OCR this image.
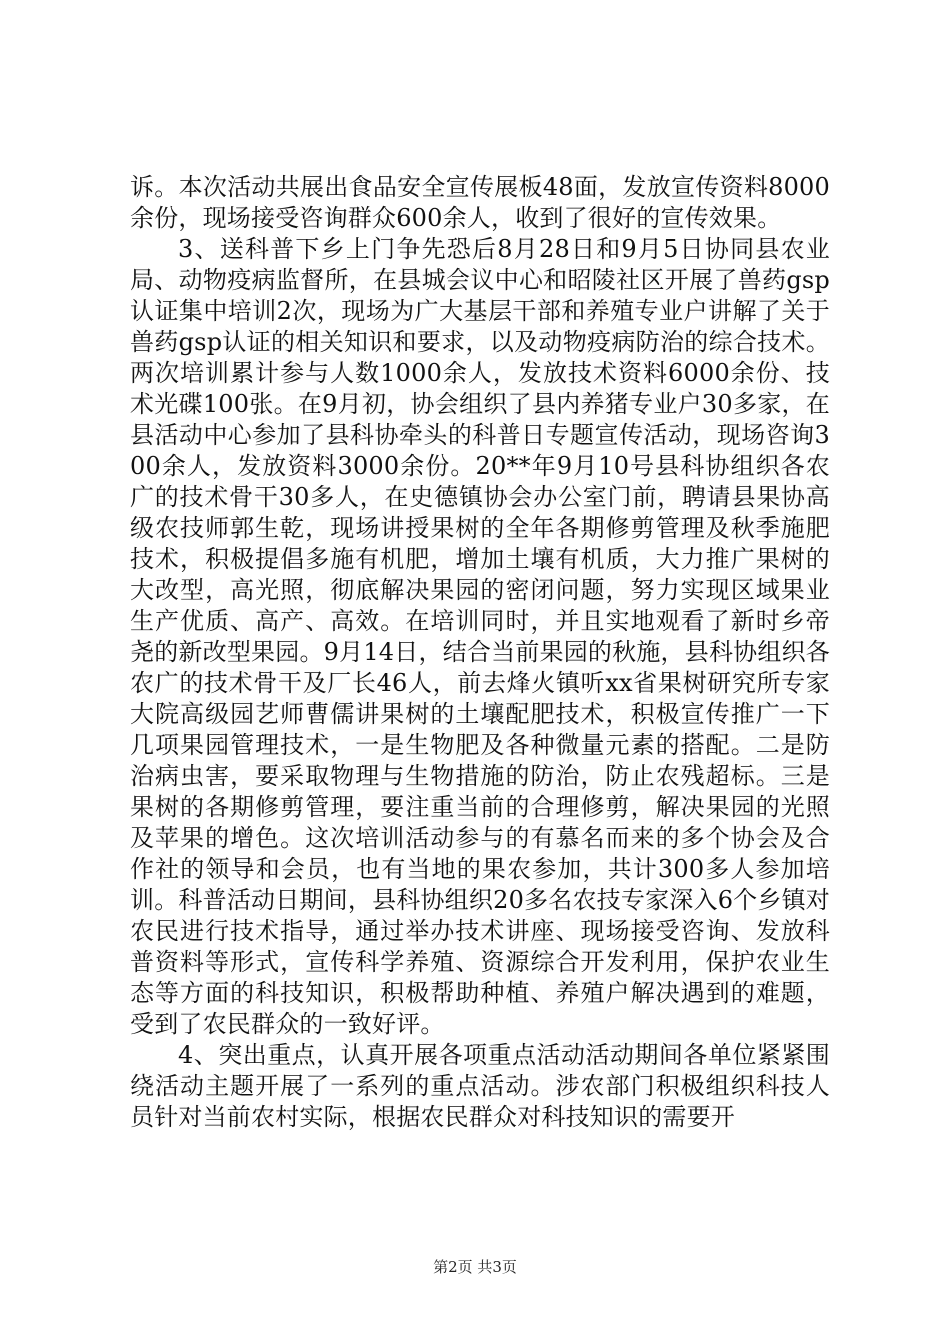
诉。本次活动共展出食品安全宣传展板48面，发放宣传资料8000余份，现场接受咨询群众600余人，收到了很好的宣传效果。

3、送科普下乡上门争先恐后8月28日和9月5日协同县农业局、动物疫病监督所，在县城会议中心和昭陵社区开展了兽药gsp认证集中培训2次，现场为广大基层干部和养殖专业户讲解了关于兽药gsp认证的相关知识和要求，以及动物疫病防治的综合技术。两次培训累计参与人数1000余人，发放技术资料6000余份、技术光碟100张。在9月初，协会组织了县内养猪专业户30多家，在县活动中心参加了县科协牵头的科普日专题宣传活动，现场咨询300余人，发放资料3000余份。20**年9月10号县科协组织各农广的技术骨干30多人，在史德镇协会办公室门前，聘请县果协高级农技师郭生乾，现场讲授果树的全年各期修剪管理及秋季施肥技术，积极提倡多施有机肥，增加土壤有机质，大力推广果树的大改型，高光照，彻底解决果园的密闭问题，努力实现区域果业生产优质、高产、高效。在培训同时，并且实地观看了新时乡帝尧的新改型果园。9月14日，结合当前果园的秋施，县科协组织各农广的技术骨干及厂长46人，前去烽火镇听xx省果树研究所专家大院高级园艺师曹儒讲果树的土壤配肥技术，积极宣传推广一下几项果园管理技术，一是生物肥及各种微量元素的搭配。二是防治病虫害，要采取物理与生物措施的防治，防止农残超标。三是果树的各期修剪管理，要注重当前的合理修剪，解决果园的光照及苹果的增色。这次培训活动参与的有慕名而来的多个协会及合作社的领导和会员，也有当地的果农参加，共计300多人参加培训。科普活动日期间，县科协组织20多名农技专家深入6个乡镇对农民进行技术指导，通过举办技术讲座、现场接受咨询、发放科普资料等形式，宣传科学养殖、资源综合开发利用，保护农业生态等方面的科技知识，积极帮助种植、养殖户解决遇到的难题，受到了农民群众的一致好评。

4、突出重点，认真开展各项重点活动活动期间各单位紧紧围绕活动主题开展了一系列的重点活动。涉农部门积极组织科技人员针对当前农村实际，根据农民群众对科技知识的需要开

第2页 共3页
